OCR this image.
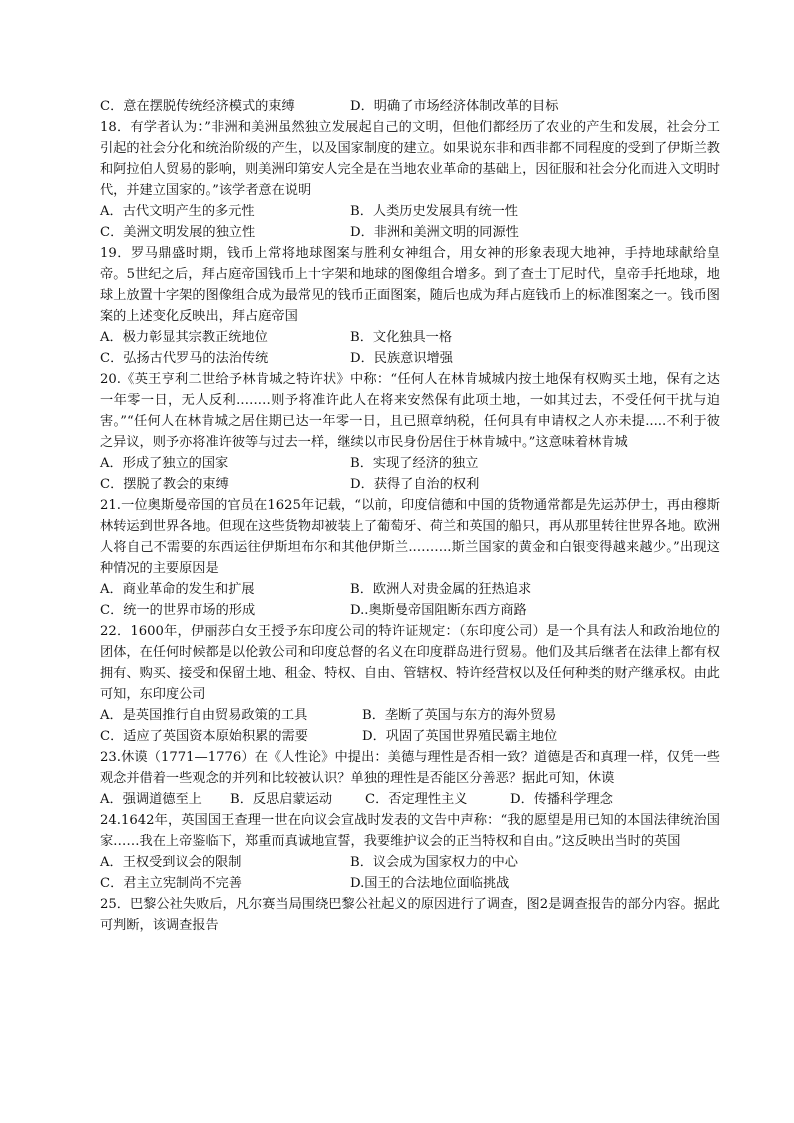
C．意在摆脱传统经济模式的束缚	D．明确了市场经济体制改革的目标

18．有学者认为：”非洲和美洲虽然独立发展起自己的文明，但他们都经历了农业的产生和发展，社会分工引起的社会分化和统治阶级的产生，以及国家制度的建立。如果说东非和西非都不同程度的受到了伊斯兰教和阿拉伯人贸易的影响，则美洲印第安人完全是在当地农业革命的基础上，因征服和社会分化而进入文明时代，并建立国家的。”该学者意在说明

A．古代文明产生的多元性	B．人类历史发展具有统一性
C．美洲文明发展的独立性	D．非洲和美洲文明的同源性

19．罗马鼎盛时期，钱币上常将地球图案与胜利女神组合，用女神的形象表现大地神，手持地球献给皇帝。5世纪之后，拜占庭帝国钱币上十字架和地球的图像组合增多。到了查士丁尼时代，皇帝手托地球，地球上放置十字架的图像组合成为最常见的钱币正面图案，随后也成为拜占庭钱币上的标准图案之一。钱币图案的上述变化反映出，拜占庭帝国

A．极力彰显其宗教正统地位	B．文化独具一格
C．弘扬古代罗马的法治传统	D．民族意识增强

20.《英王亨利二世给予林肯城之特许状》中称：“任何人在林肯城城内按土地保有权购买土地，保有之达一年零一日，无人反利.….…则予将准许此人在将来安然保有此项土地，一如其过去，不受任何干扰与迫害。”“任何人在林肯城之居住期已达一年零一日，且已照章纳税，任何具有申请权之人亦未提.....不利于彼之异议，则予亦将准许彼等与过去一样，继续以市民身份居住于林肯城中。”这意味着林肯城

A．形成了独立的国家	B．实现了经济的独立
C．摆脱了教会的束缚	D．获得了自治的权利

21.一位奥斯曼帝国的官员在1625年记载，“以前，印度信德和中国的货物通常都是先运苏伊士，再由穆斯林转运到世界各地。但现在这些货物却被装上了葡萄牙、荷兰和英国的船只，再从那里转往世界各地。欧洲人将自己不需要的东西运往伊斯坦布尔和其他伊斯兰..……..斯兰国家的黄金和白银变得越来越少。”出现这种情况的主要原因是

A．商业革命的发生和扩展	B．欧洲人对贵金属的狂热追求
C．统一的世界市场的形成	D..奥斯曼帝国阻断东西方商路

22．1600年，伊丽莎白女王授予东印度公司的特许证规定：（东印度公司）是一个具有法人和政治地位的团体，在任何时候都是以伦敦公司和印度总督的名义在印度群岛进行贸易。他们及其后继者在法律上都有权拥有、购买、接受和保留土地、租金、特权、自由、管辖权、特许经营权以及任何种类的财产继承权。由此可知，东印度公司

A．是英国推行自由贸易政策的工具	B．垄断了英国与东方的海外贸易
C．适应了英国资本原始积累的需要	D．巩固了英国世界殖民霸主地位

23.休谟（1771—1776）在《人性论》中提出：美德与理性是否相一致？道德是否和真理一样，仅凭一些观念并借着一些观念的并列和比较被认识？单独的理性是否能区分善恶？据此可知，休谟

A．强调道德至上 B．反思启蒙运动 C．否定理性主义	D．传播科学理念

24.1642年，英国国王查理一世在向议会宣战时发表的文告中声称：“我的愿望是用已知的本国法律统治国家……我在上帝鉴临下，郑重而真诚地宣誓，我要维护议会的正当特权和自由。”这反映出当时的英国

A．王权受到议会的限制	B．议会成为国家权力的中心
C．君主立宪制尚不完善	D.国王的合法地位面临挑战

25．巴黎公社失败后，凡尔赛当局围绕巴黎公社起义的原因进行了调查，图2是调查报告的部分内容。据此可判断，该调查报告
